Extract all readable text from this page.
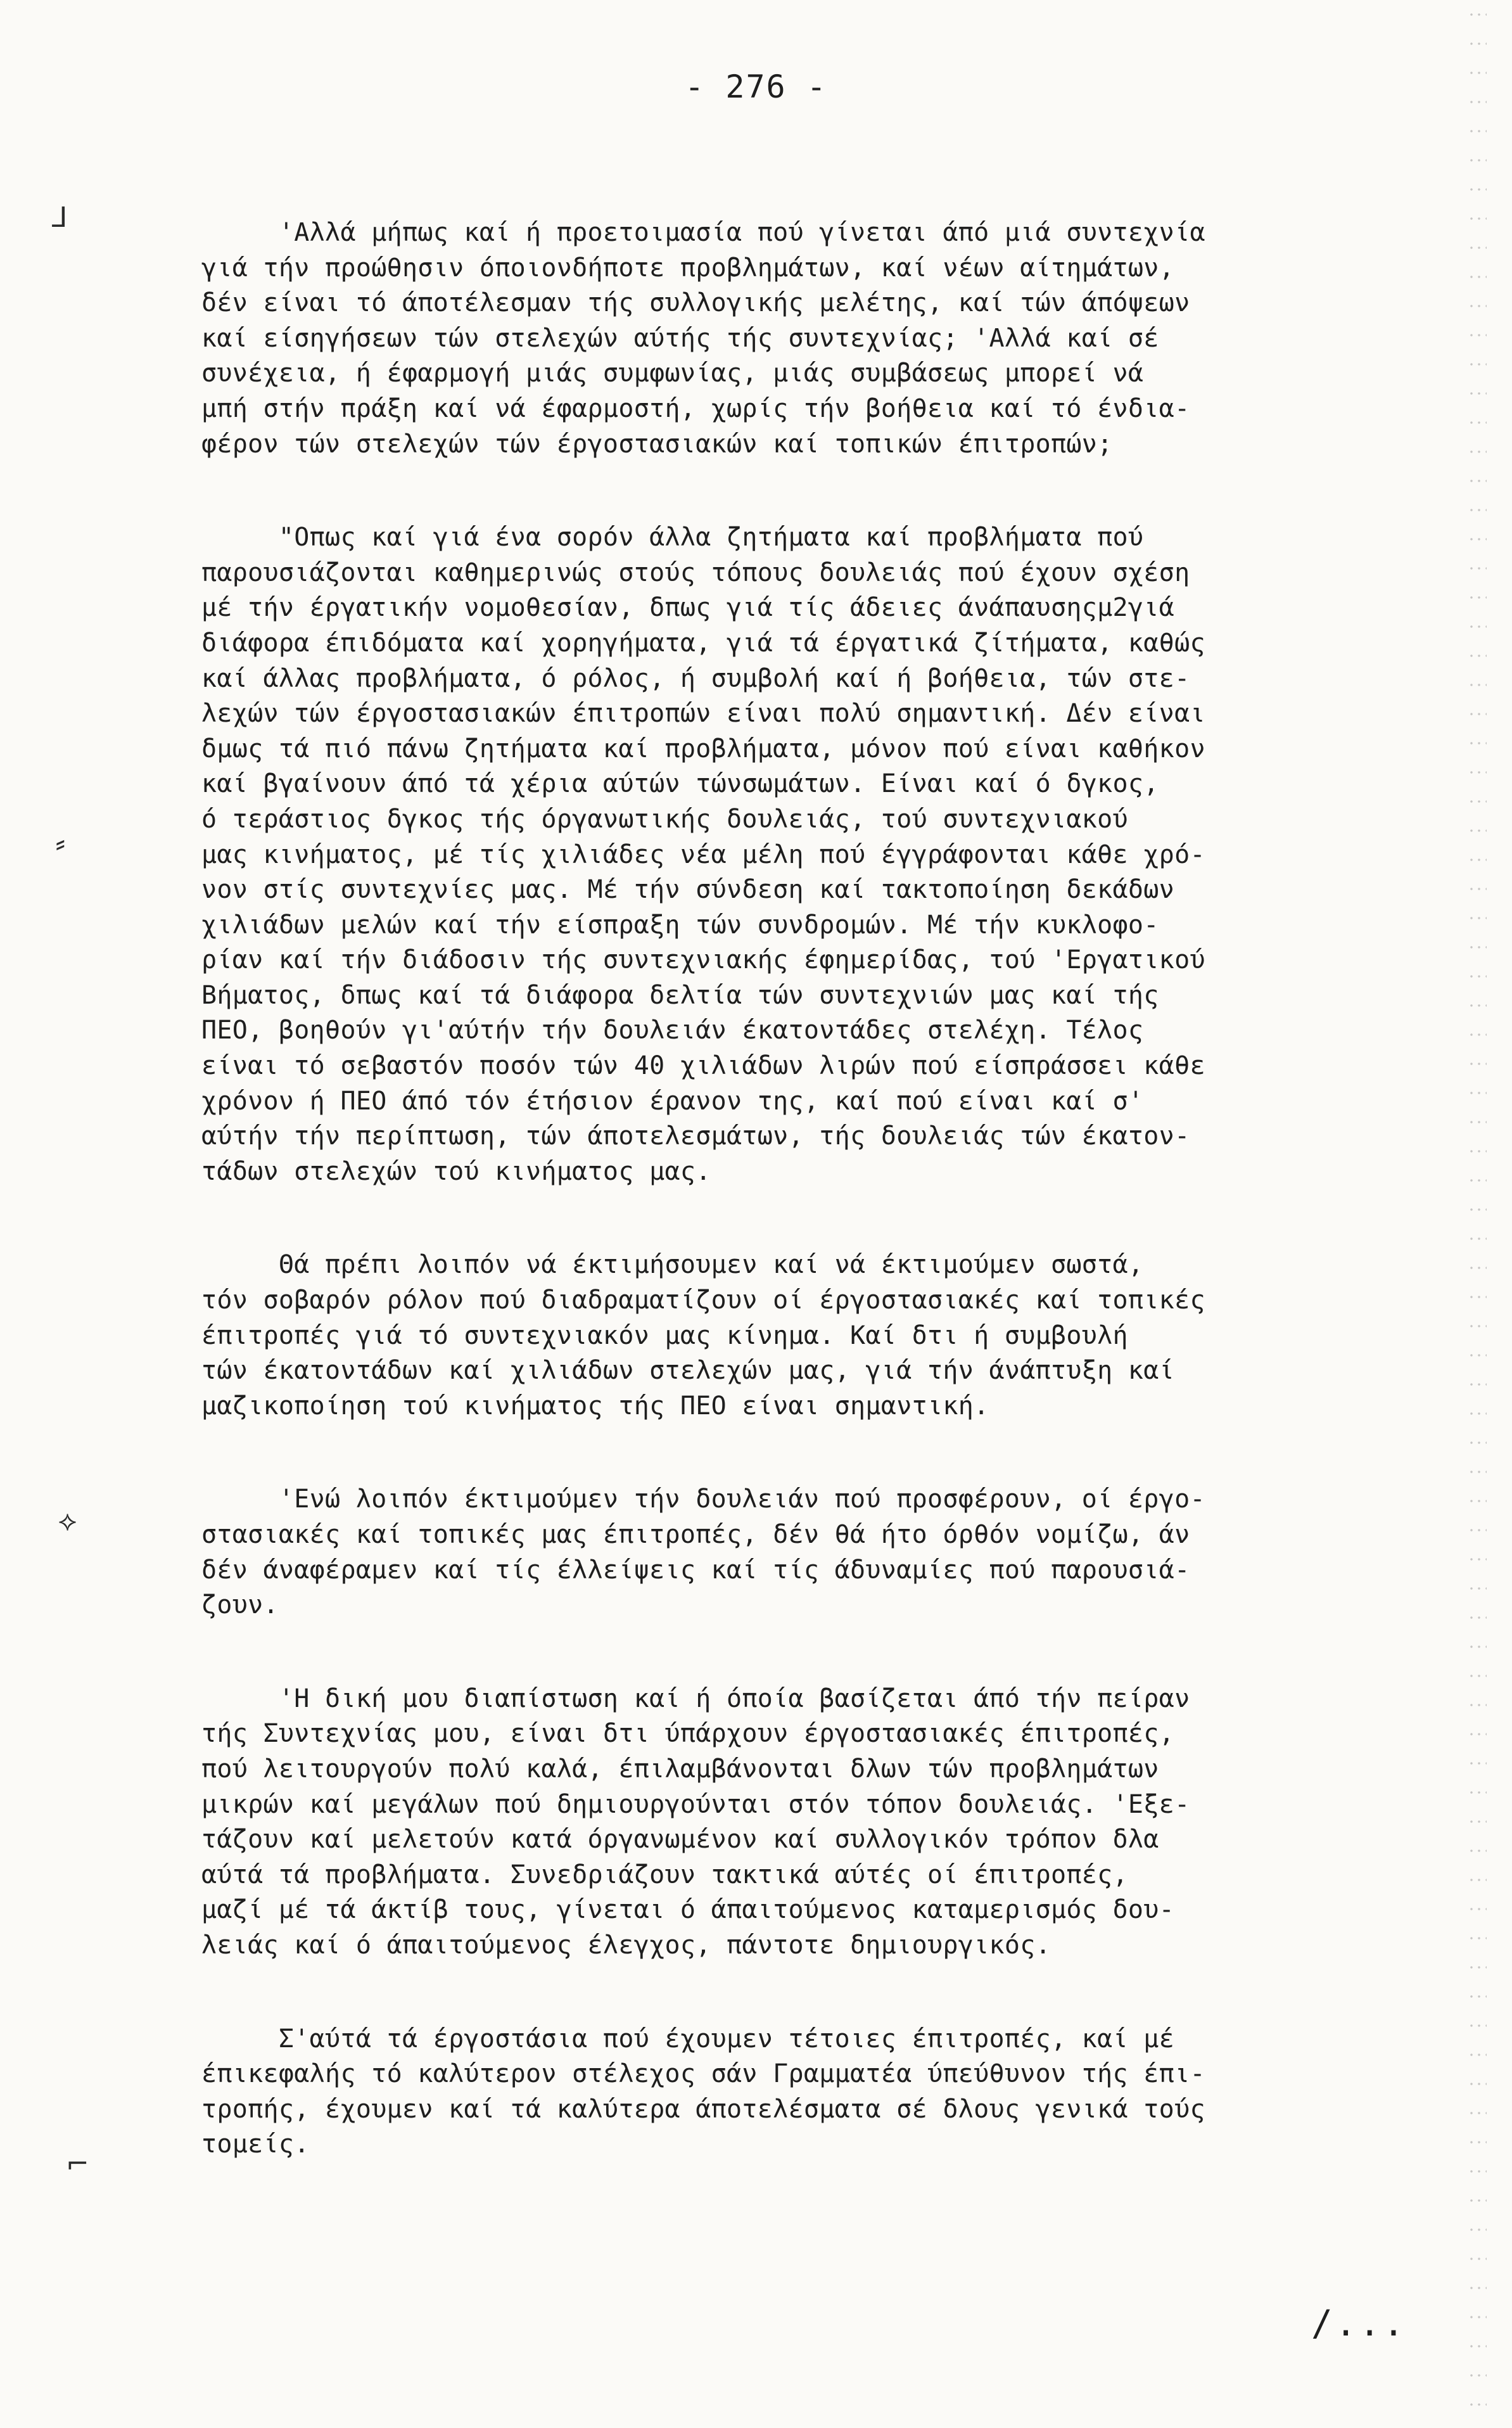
⅃
⸗
⟡
⌐
- 276 -

'Αλλά μήπως καί ή προετοιμασία πού γίνεται άπό μιά συντεχνία
γιά τήν προώθησιν όποιονδήποτε προβλημάτων, καί νέων αίτημάτων,
δέν είναι τό άποτέλεσμαν τής συλλογικής μελέτης, καί τών άπόψεων
καί είσηγήσεων τών στελεχών αύτής τής συντεχνίας; 'Αλλά καί σέ
συνέχεια, ή έφαρμογή μιάς συμφωνίας, μιάς συμβάσεως μπορεί νά
μπή στήν πράξη καί νά έφαρμοστή, χωρίς τήν βοήθεια καί τό ένδια-
φέρον τών στελεχών τών έργοστασιακών καί τοπικών έπιτροπών;

"Οπως καί γιά ένα σορόν άλλα ζητήματα καί προβλήματα πού
παρουσιάζονται καθημερινώς στούς τόπους δουλειάς πού έχουν σχέση
μέ τήν έργατικήν νομοθεσίαν, δπως γιά τίς άδειες άνάπαυσηςμ2γιά
διάφορα έπιδόματα καί χορηγήματα, γιά τά έργατικά ζίτήματα, καθώς
καί άλλας προβλήματα, ό ρόλος, ή συμβολή καί ή βοήθεια, τών στε-
λεχών τών έργοστασιακών έπιτροπών είναι πολύ σημαντική. Δέν είναι
δμως τά πιό πάνω ζητήματα καί προβλήματα, μόνον πού είναι καθήκον
καί βγαίνουν άπό τά χέρια αύτών τώνσωμάτων. Είναι καί ό δγκος,
ό τεράστιος δγκος τής όργανωτικής δουλειάς, τού συντεχνιακού
μας κινήματος, μέ τίς χιλιάδες νέα μέλη πού έγγράφονται κάθε χρό-
νον στίς συντεχνίες μας. Μέ τήν σύνδεση καί τακτοποίηση δεκάδων
χιλιάδων μελών καί τήν είσπραξη τών συνδρομών. Μέ τήν κυκλοφο-
ρίαν καί τήν διάδοσιν τής συντεχνιακής έφημερίδας, τού 'Εργατικού
Βήματος, δπως καί τά διάφορα δελτία τών συντεχνιών μας καί τής
ΠΕΟ, βοηθούν γι'αύτήν τήν δουλειάν έκατοντάδες στελέχη. Τέλος
είναι τό σεβαστόν ποσόν τών 40 χιλιάδων λιρών πού είσπράσσει κάθε
χρόνον ή ΠΕΟ άπό τόν έτήσιον έρανον της, καί πού είναι καί σ'
αύτήν τήν περίπτωση, τών άποτελεσμάτων, τής δουλειάς τών έκατον-
τάδων στελεχών τού κινήματος μας.

Θά πρέπι λοιπόν νά έκτιμήσουμεν καί νά έκτιμούμεν σωστά,
τόν σοβαρόν ρόλον πού διαδραματίζουν οί έργοστασιακές καί τοπικές
έπιτροπές γιά τό συντεχνιακόν μας κίνημα. Καί δτι ή συμβουλή
τών έκατοντάδων καί χιλιάδων στελεχών μας, γιά τήν άνάπτυξη καί
μαζικοποίηση τού κινήματος τής ΠΕΟ είναι σημαντική.

'Ενώ λοιπόν έκτιμούμεν τήν δουλειάν πού προσφέρουν, οί έργο-
στασιακές καί τοπικές μας έπιτροπές, δέν θά ήτο όρθόν νομίζω, άν
δέν άναφέραμεν καί τίς έλλείψεις καί τίς άδυναμίες πού παρουσιά-
ζουν.

'Η δική μου διαπίστωση καί ή όποία βασίζεται άπό τήν πείραν
τής Συντεχνίας μου, είναι δτι ύπάρχουν έργοστασιακές έπιτροπές,
πού λειτουργούν πολύ καλά, έπιλαμβάνονται δλων τών προβλημάτων
μικρών καί μεγάλων πού δημιουργούνται στόν τόπον δουλειάς. 'Εξε-
τάζουν καί μελετούν κατά όργανωμένον καί συλλογικόν τρόπον δλα
αύτά τά προβλήματα. Συνεδριάζουν τακτικά αύτές οί έπιτροπές,
μαζί μέ τά άκτίβ τους, γίνεται ό άπαιτούμενος καταμερισμός δου-
λειάς καί ό άπαιτούμενος έλεγχος, πάντοτε δημιουργικός.

Σ'αύτά τά έργοστάσια πού έχουμεν τέτοιες έπιτροπές, καί μέ
έπικεφαλής τό καλύτερον στέλεχος σάν Γραμματέα ύπεύθυνον τής έπι-
τροπής, έχουμεν καί τά καλύτερα άποτελέσματα σέ δλους γενικά τούς
τομείς.

/...
